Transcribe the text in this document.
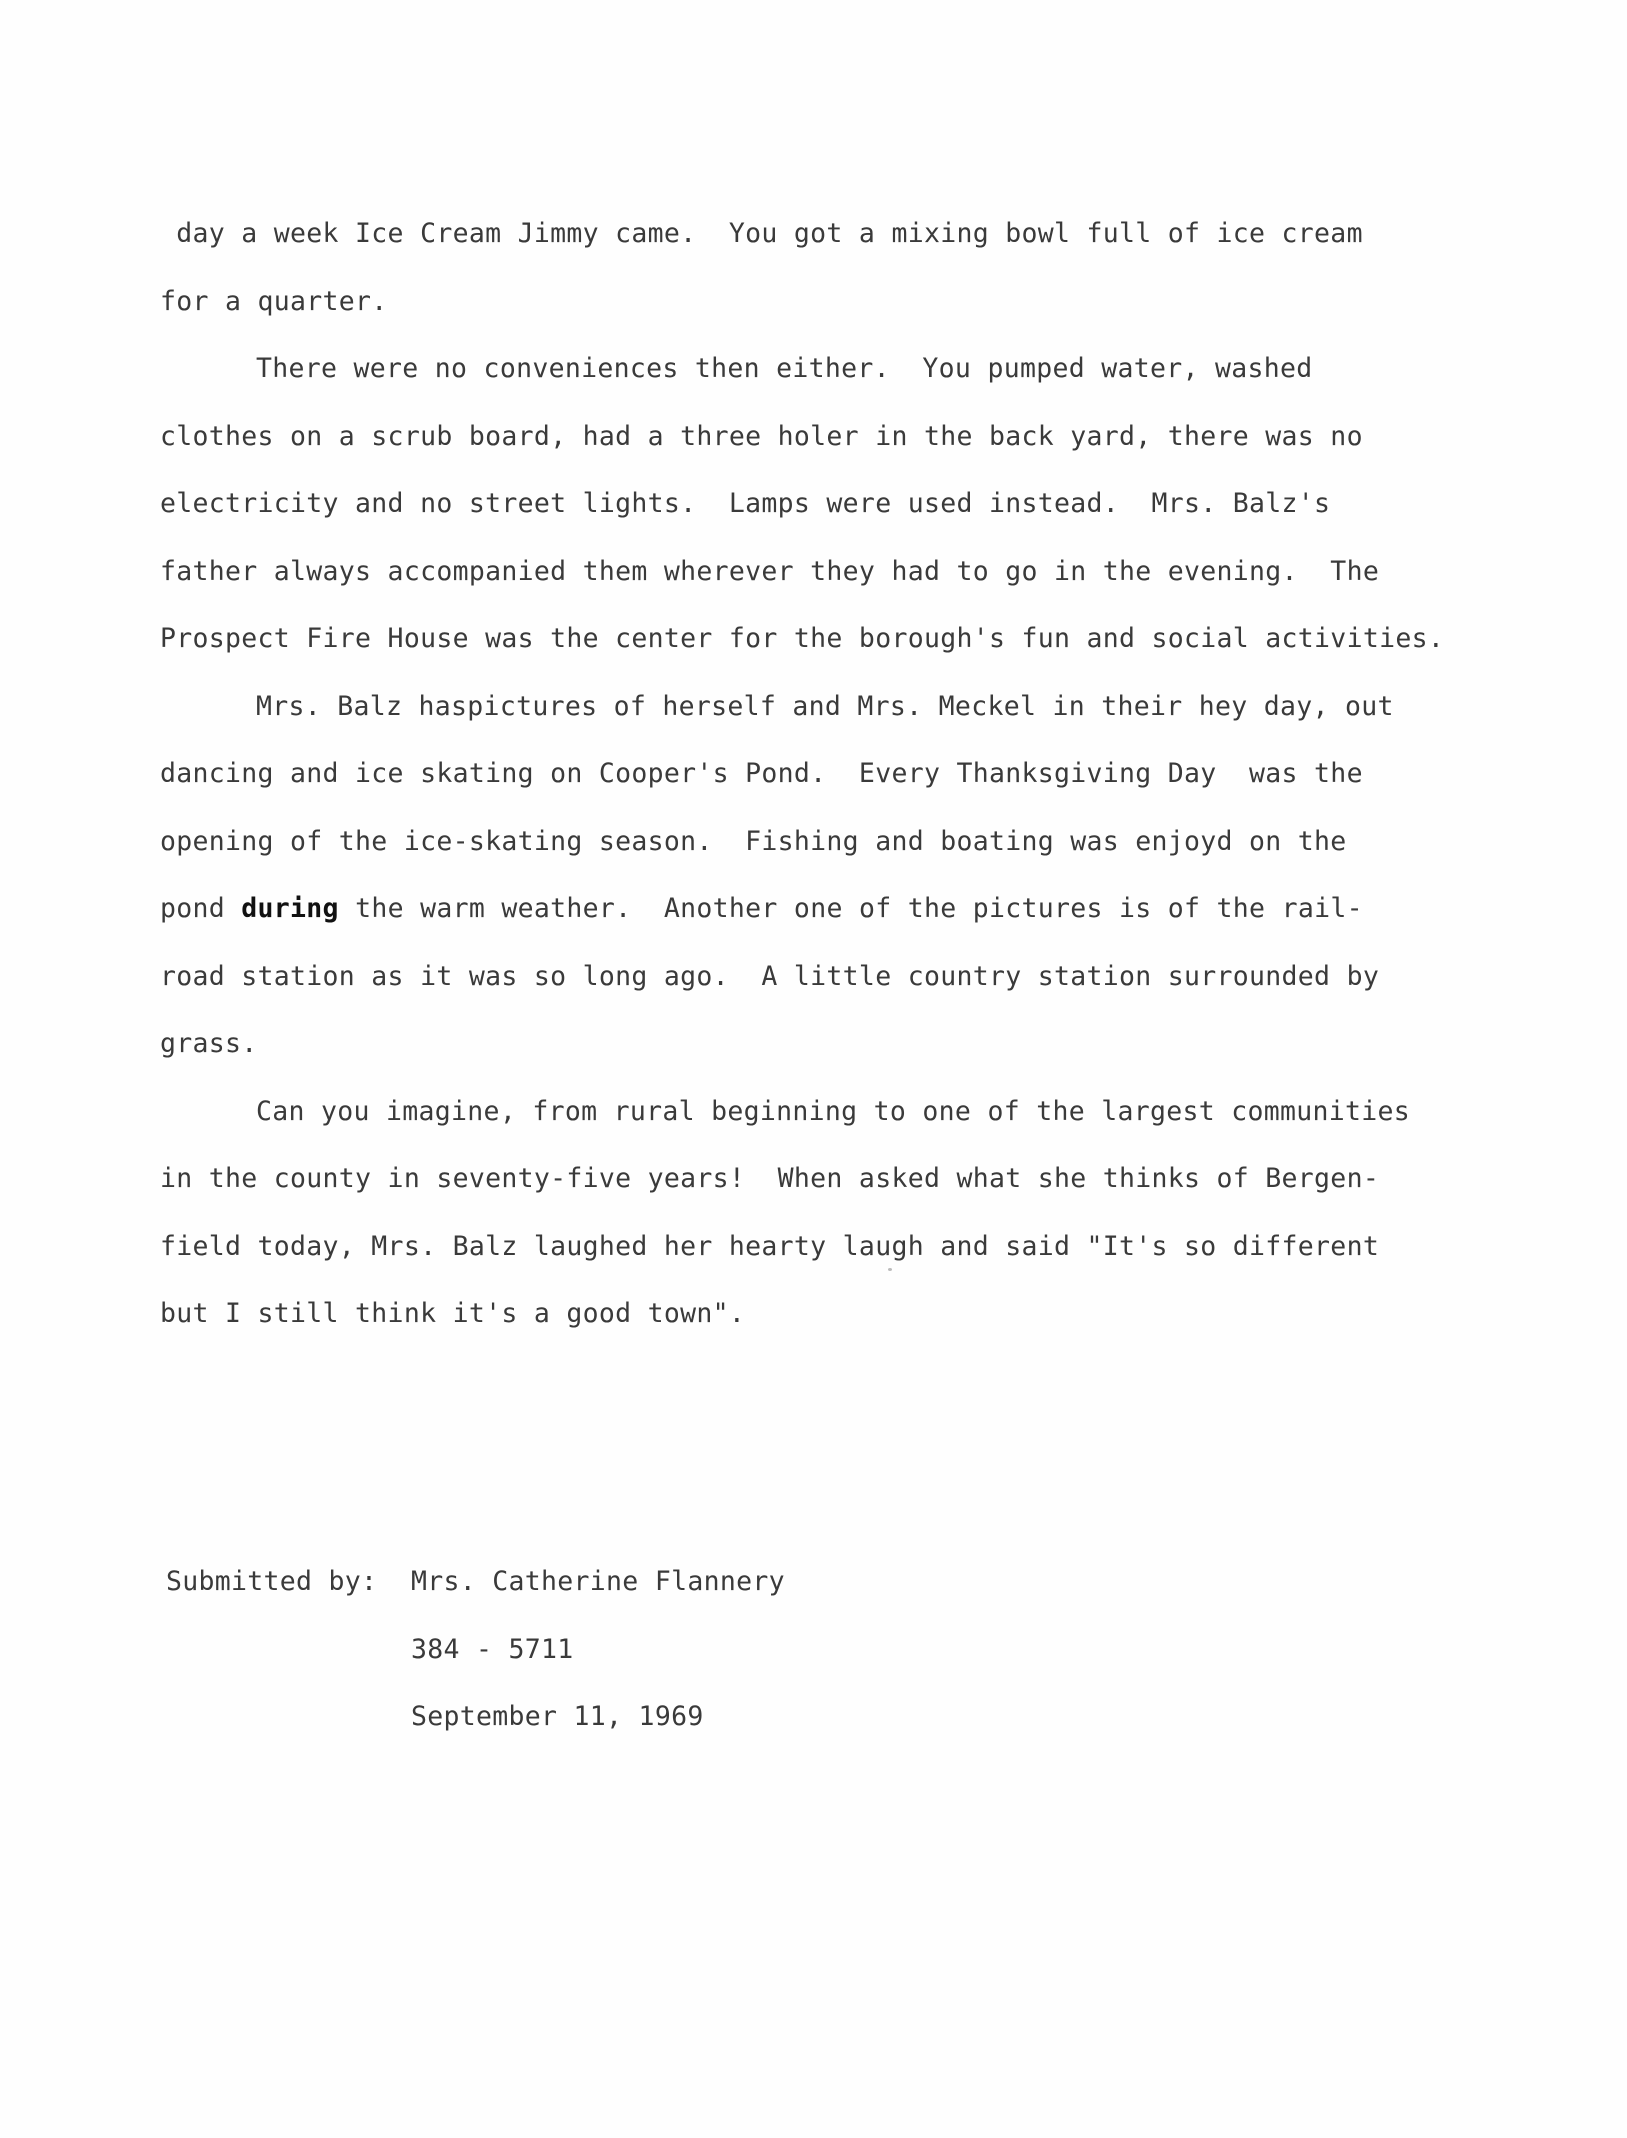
day a week Ice Cream Jimmy came.  You got a mixing bowl full of ice cream
for a quarter.

There were no conveniences then either.  You pumped water, washed
clothes on a scrub board, had a three holer in the back yard, there was no
electricity and no street lights.  Lamps were used instead.  Mrs. Balz's
father always accompanied them wherever they had to go in the evening.  The
Prospect Fire House was the center for the borough's fun and social activities.

Mrs. Balz haspictures of herself and Mrs. Meckel in their hey day, out
dancing and ice skating on Cooper's Pond.  Every Thanksgiving Day  was the
opening of the ice-skating season.  Fishing and boating was enjoyd on the
pond during the warm weather.  Another one of the pictures is of the rail-
road station as it was so long ago.  A little country station surrounded by
grass.

Can you imagine, from rural beginning to one of the largest communities
in the county in seventy-five years!  When asked what she thinks of Bergen-
field today, Mrs. Balz laughed her hearty laugh and said "It's so different
but I still think it's a good town".

Submitted by: Mrs. Catherine Flannery
384 - 5711
September 11, 1969
